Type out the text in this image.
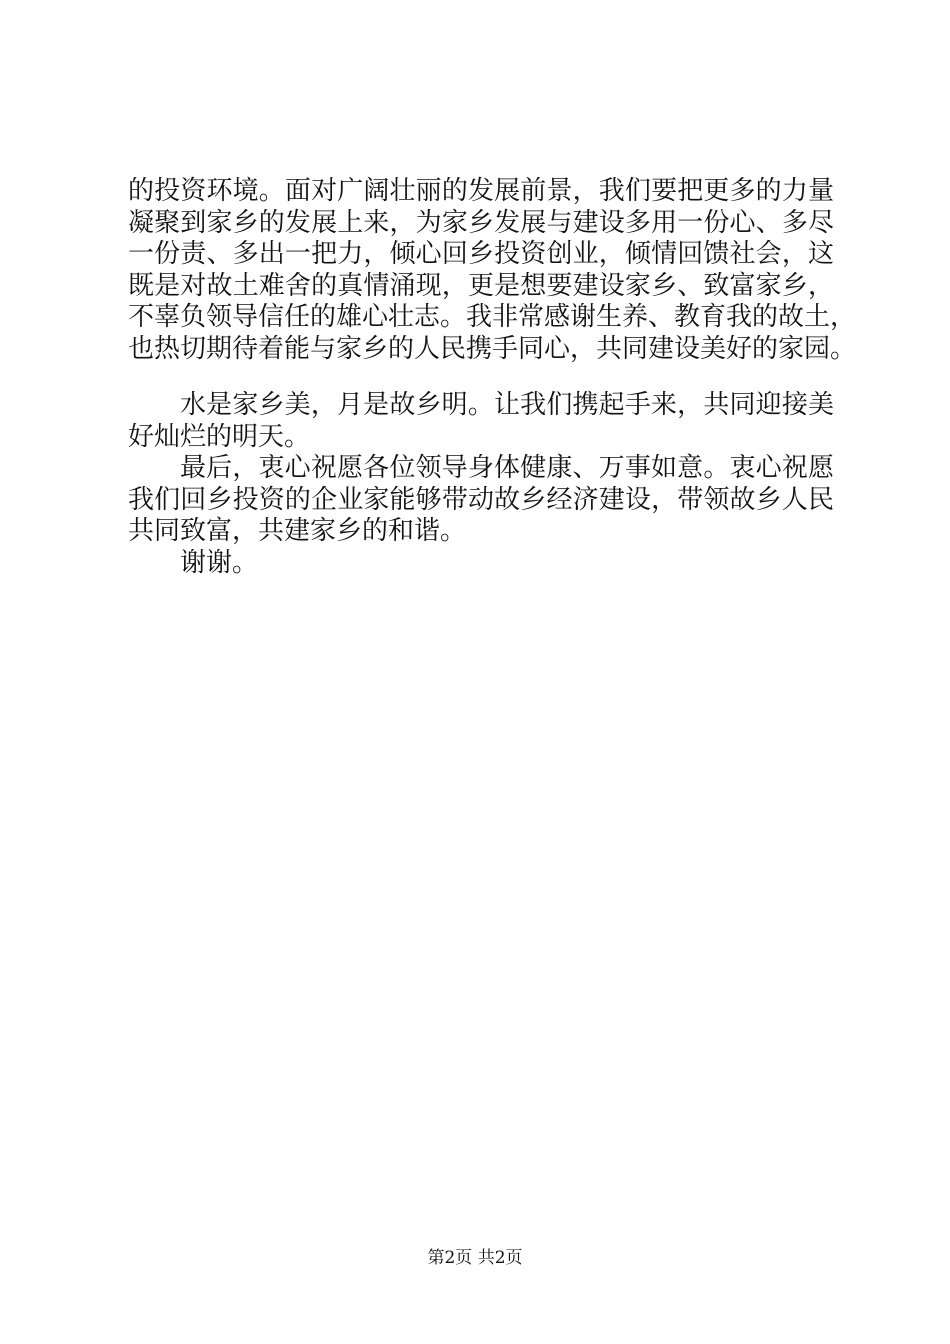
的投资环境。面对广阔壮丽的发展前景，我们要把更多的力量
凝聚到家乡的发展上来，为家乡发展与建设多用一份心、多尽
一份责、多出一把力，倾心回乡投资创业，倾情回馈社会，这
既是对故土难舍的真情涌现，更是想要建设家乡、致富家乡，
不辜负领导信任的雄心壮志。我非常感谢生养、教育我的故土，
也热切期待着能与家乡的人民携手同心，共同建设美好的家园。
水是家乡美，月是故乡明。让我们携起手来，共同迎接美
好灿烂的明天。
最后，衷心祝愿各位领导身体健康、万事如意。衷心祝愿
我们回乡投资的企业家能够带动故乡经济建设，带领故乡人民
共同致富，共建家乡的和谐。
谢谢。
第2页 共2页
